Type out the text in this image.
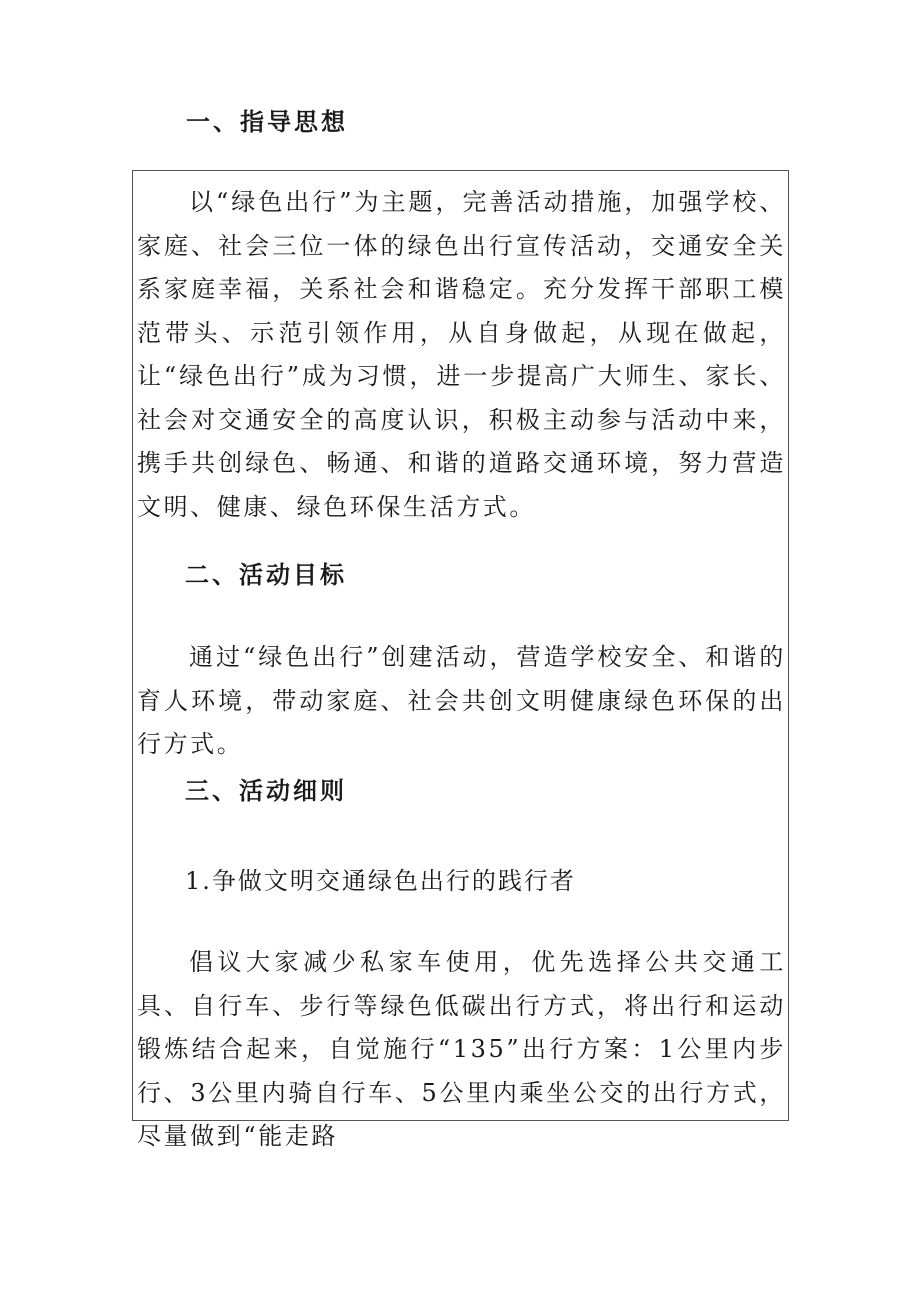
一、指导思想

以“绿色出行”为主题，完善活动措施，加强学校、家庭、社会三位一体的绿色出行宣传活动，交通安全关系家庭幸福，关系社会和谐稳定。充分发挥干部职工模范带头、示范引领作用，从自身做起，从现在做起，让“绿色出行”成为习惯，进一步提高广大师生、家长、社会对交通安全的高度认识，积极主动参与活动中来，携手共创绿色、畅通、和谐的道路交通环境，努力营造文明、健康、绿色环保生活方式。

二、活动目标

通过“绿色出行”创建活动，营造学校安全、和谐的育人环境，带动家庭、社会共创文明健康绿色环保的出行方式。

三、活动细则

1.争做文明交通绿色出行的践行者

倡议大家减少私家车使用，优先选择公共交通工具、自行车、步行等绿色低碳出行方式，将出行和运动锻炼结合起来，自觉施行“135”出行方案：1公里内步行、3公里内骑自行车、5公里内乘坐公交的出行方式，尽量做到“能走路
